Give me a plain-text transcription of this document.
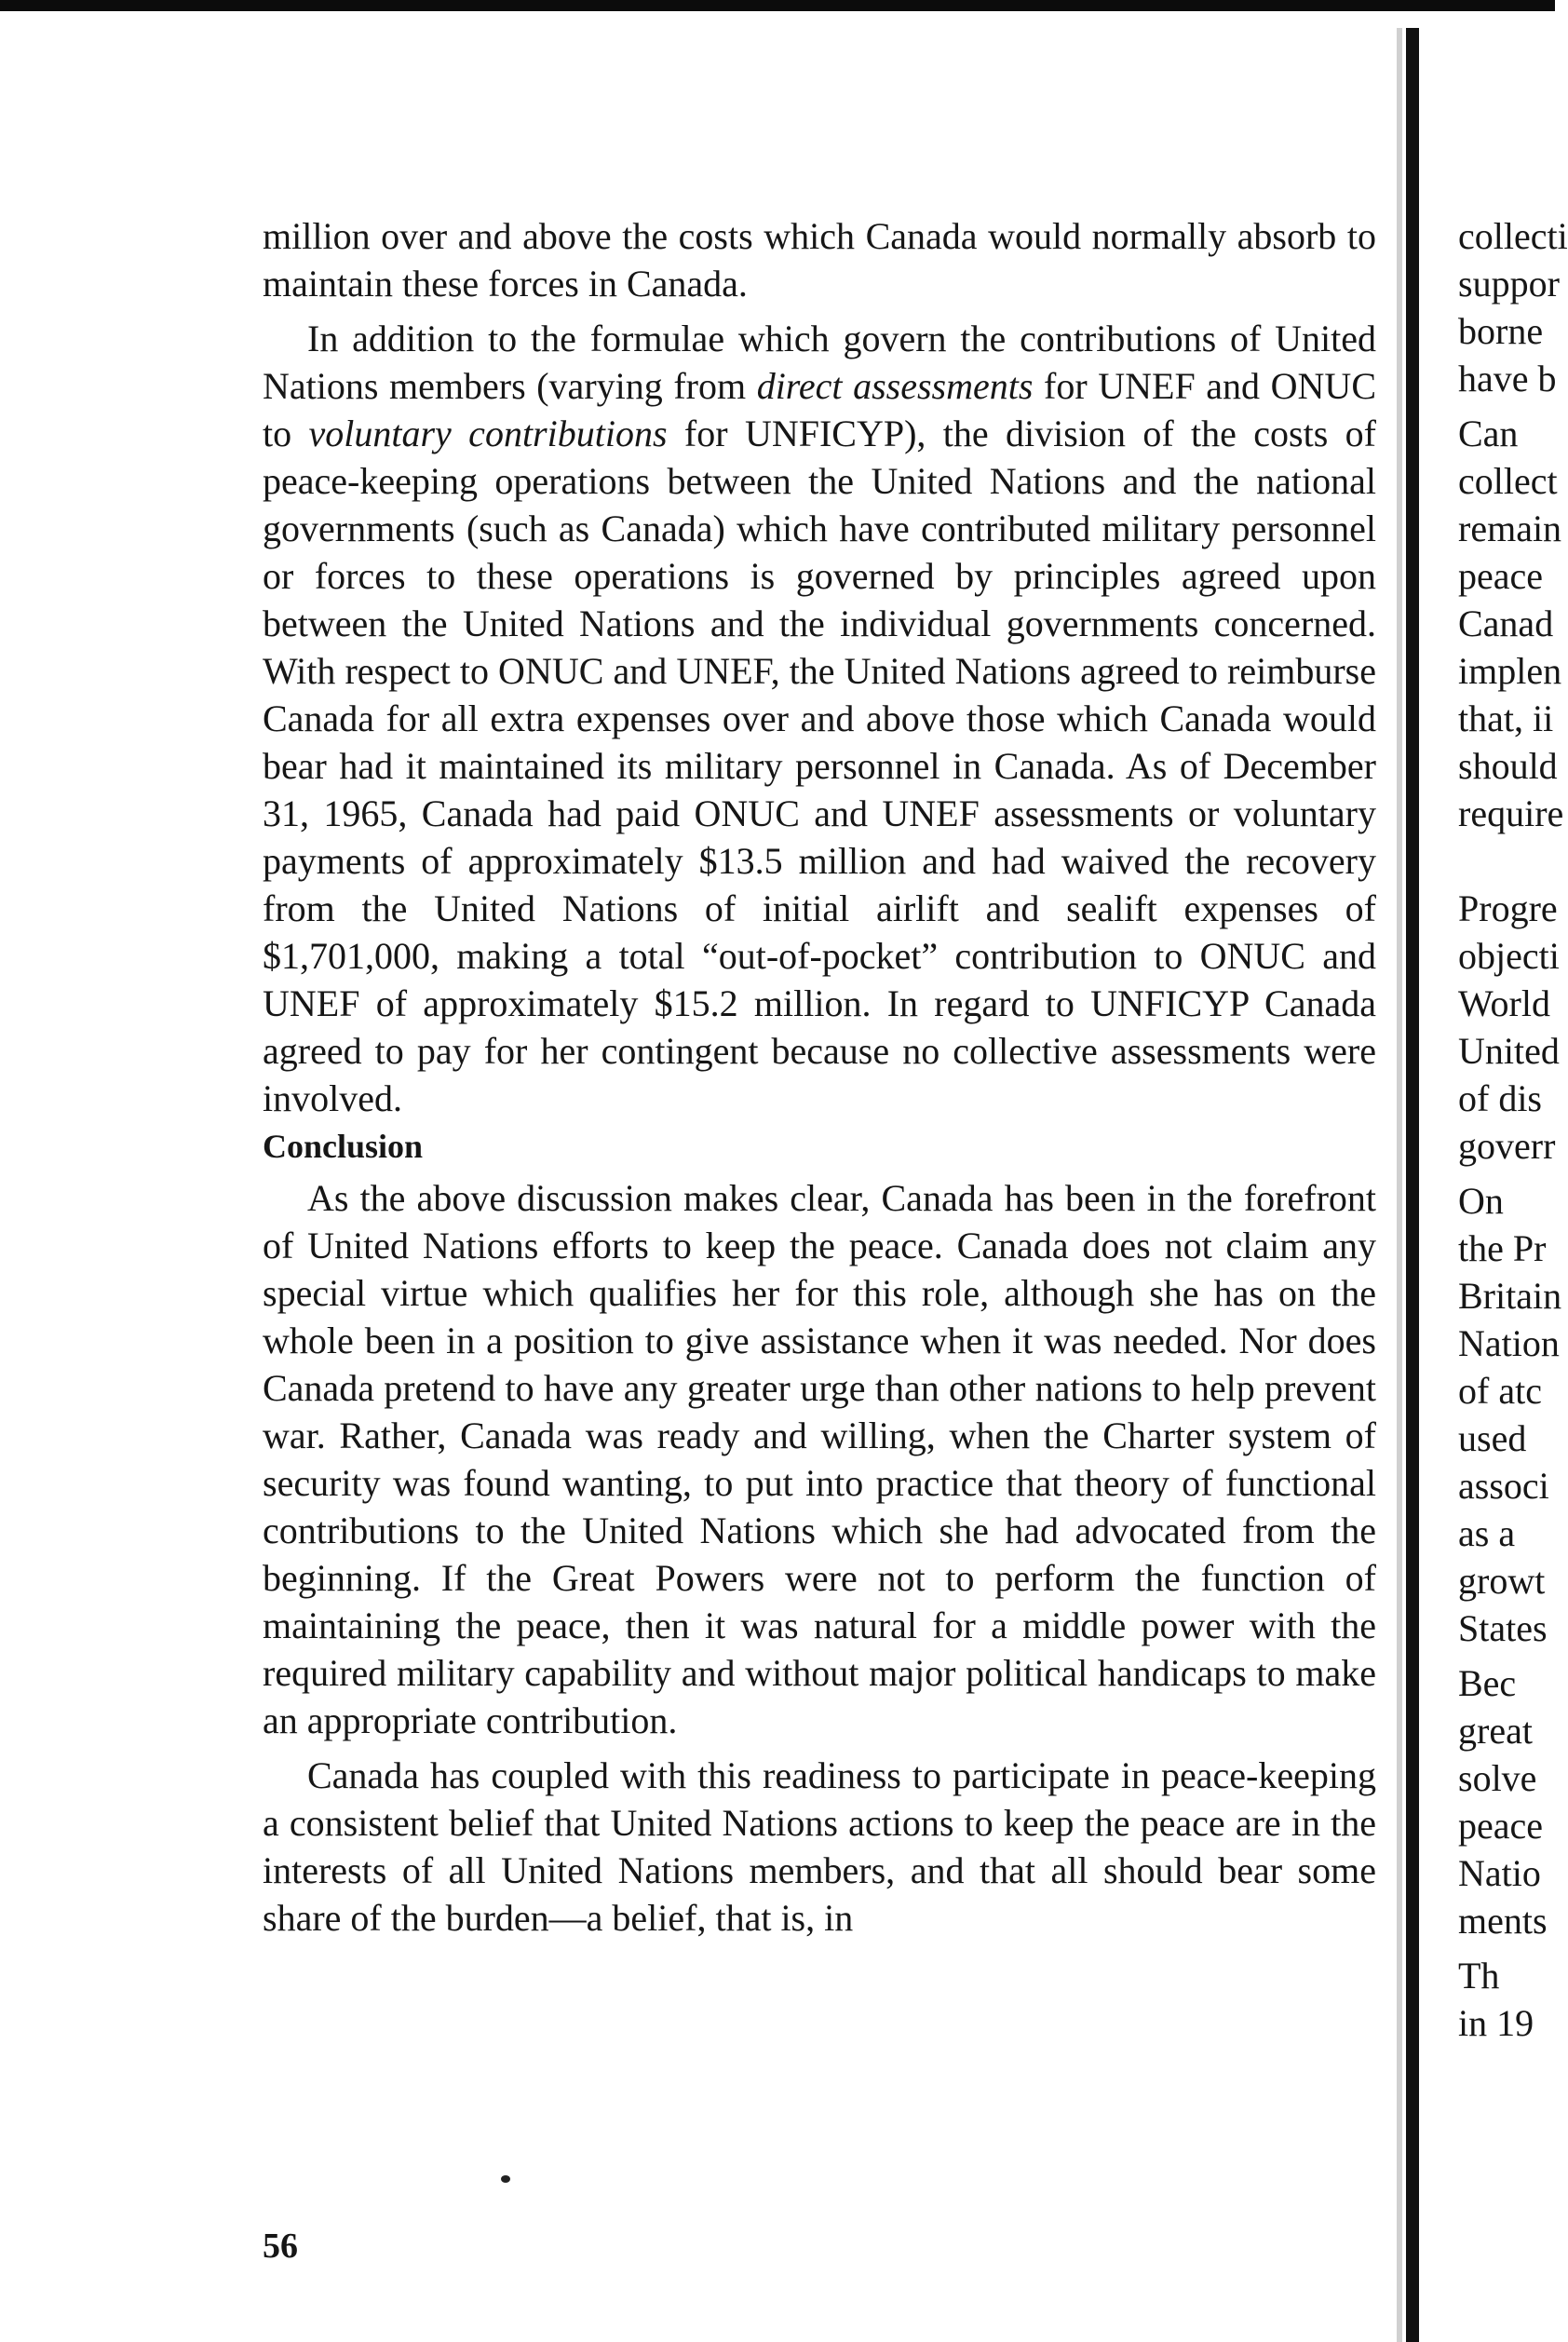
million over and above the costs which Canada would normally absorb to maintain these forces in Canada.

In addition to the formulae which govern the contributions of United Nations members (varying from direct assessments for UNEF and ONUC to voluntary contributions for UNFICYP), the division of the costs of peace-keeping operations between the United Nations and the national governments (such as Canada) which have contributed military personnel or forces to these operations is governed by principles agreed upon between the United Nations and the individual governments concerned. With respect to ONUC and UNEF, the United Nations agreed to reimburse Canada for all extra expenses over and above those which Canada would bear had it maintained its military personnel in Canada. As of December 31, 1965, Canada had paid ONUC and UNEF assessments or voluntary payments of approximately $13.5 million and had waived the recovery from the United Nations of initial airlift and sealift expenses of $1,701,000, making a total “out-of-pocket” contribution to ONUC and UNEF of approximately $15.2 million. In regard to UNFICYP Canada agreed to pay for her contingent because no collective assessments were involved.

Conclusion

As the above discussion makes clear, Canada has been in the forefront of United Nations efforts to keep the peace. Canada does not claim any special virtue which qualifies her for this role, although she has on the whole been in a position to give assistance when it was needed. Nor does Canada pretend to have any greater urge than other nations to help prevent war. Rather, Canada was ready and willing, when the Charter system of security was found wanting, to put into practice that theory of functional contributions to the United Nations which she had advocated from the beginning. If the Great Powers were not to perform the function of maintaining the peace, then it was natural for a middle power with the required military capability and without major political handicaps to make an appropriate contribution.

Canada has coupled with this readiness to participate in peace-keeping a consistent belief that United Nations actions to keep the peace are in the interests of all United Nations members, and that all should bear some share of the burden—a belief, that is, in

56
collecti
suppor
borne
have b
Can
collect
remain
peace
Canad
implen
that, ii
should
require
Progre
objecti
World
United
of dis
goverr
On
the Pr
Britain
Nation
of atc
used
associ
as a
growt
States
Bec
great
solve
peace
Natio
ments
Th
in 19
